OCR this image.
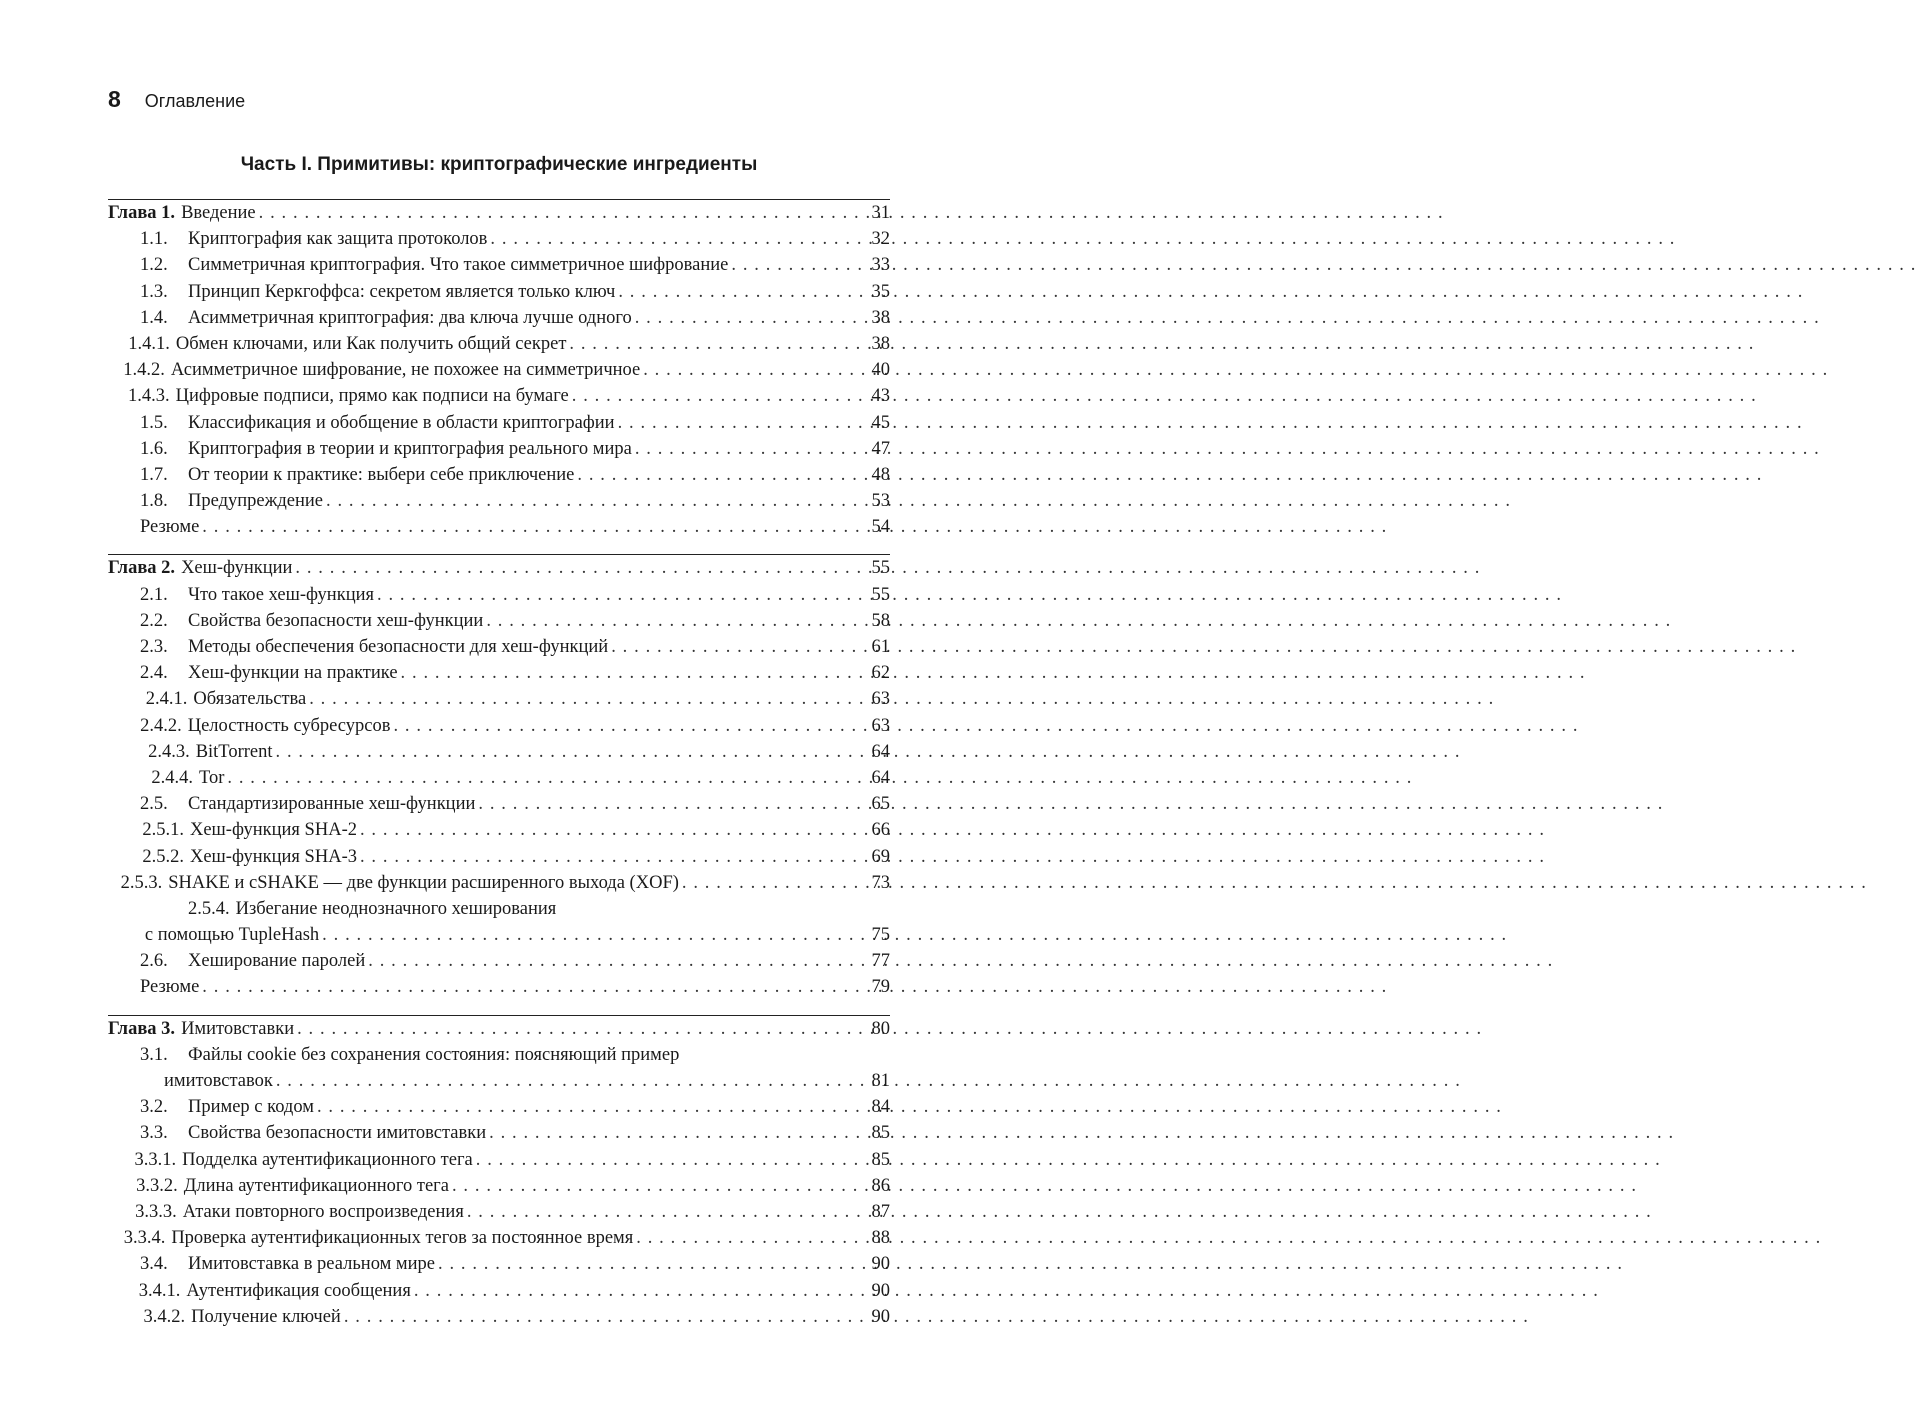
8 Оглавление
Часть I. Примитивы: криптографические ингредиенты
Глава 1. Введение . . .	31
1.1.	Криптография как защита протоколов . . .	32
1.2.	Симметричная криптография. Что такое симметричное шифрование . . .	33
1.3.	Принцип Керкгоффса: секретом является только ключ . . .	35
1.4.	Асимметричная криптография: два ключа лучше одного . . .	38
1.4.1. Обмен ключами, или Как получить общий секрет . . .	38
1.4.2. Асимметричное шифрование, не похожее на симметричное . . .	40
1.4.3. Цифровые подписи, прямо как подписи на бумаге . . .	43
1.5.	Классификация и обобщение в области криптографии . . .	45
1.6.	Криптография в теории и криптография реального мира . . .	47
1.7.	От теории к практике: выбери себе приключение . . .	48
1.8.	Предупреждение . . .	53
Резюме . . .	54
Глава 2. Хеш-функции . . .	55
2.1.	Что такое хеш-функция . . .	55
2.2.	Свойства безопасности хеш-функции . . .	58
2.3.	Методы обеспечения безопасности для хеш-функций . . .	61
2.4.	Хеш-функции на практике . . .	62
2.4.1. Обязательства . . .	63
2.4.2. Целостность субресурсов . . .	63
2.4.3. BitTorrent . . .	64
2.4.4. Tor . . .	64
2.5.	Стандартизированные хеш-функции . . .	65
2.5.1. Хеш-функция SHA-2 . . .	66
2.5.2. Хеш-функция SHA-3 . . .	69
2.5.3. SHAKE и cSHAKE — две функции расширенного выхода (XOF) . . .	73
2.5.4. Избегание неоднозначного хеширования
с помощью TupleHash . . .	75
2.6.	Хеширование паролей . . .	77
Резюме . . .	79
Глава 3. Имитовставки . . .	80
3.1.	Файлы cookie без сохранения состояния: поясняющий пример
имитовставок . . .	81
3.2.	Пример с кодом . . .	84
3.3.	Свойства безопасности имитовставки . . .	85
3.3.1. Подделка аутентификационного тега . . .	85
3.3.2. Длина аутентификационного тега . . .	86
3.3.3. Атаки повторного воспроизведения . . .	87
3.3.4. Проверка аутентификационных тегов за постоянное время . . .	88
3.4.	Имитовставка в реальном мире . . .	90
3.4.1. Аутентификация сообщения . . .	90
3.4.2. Получение ключей . . .	90
